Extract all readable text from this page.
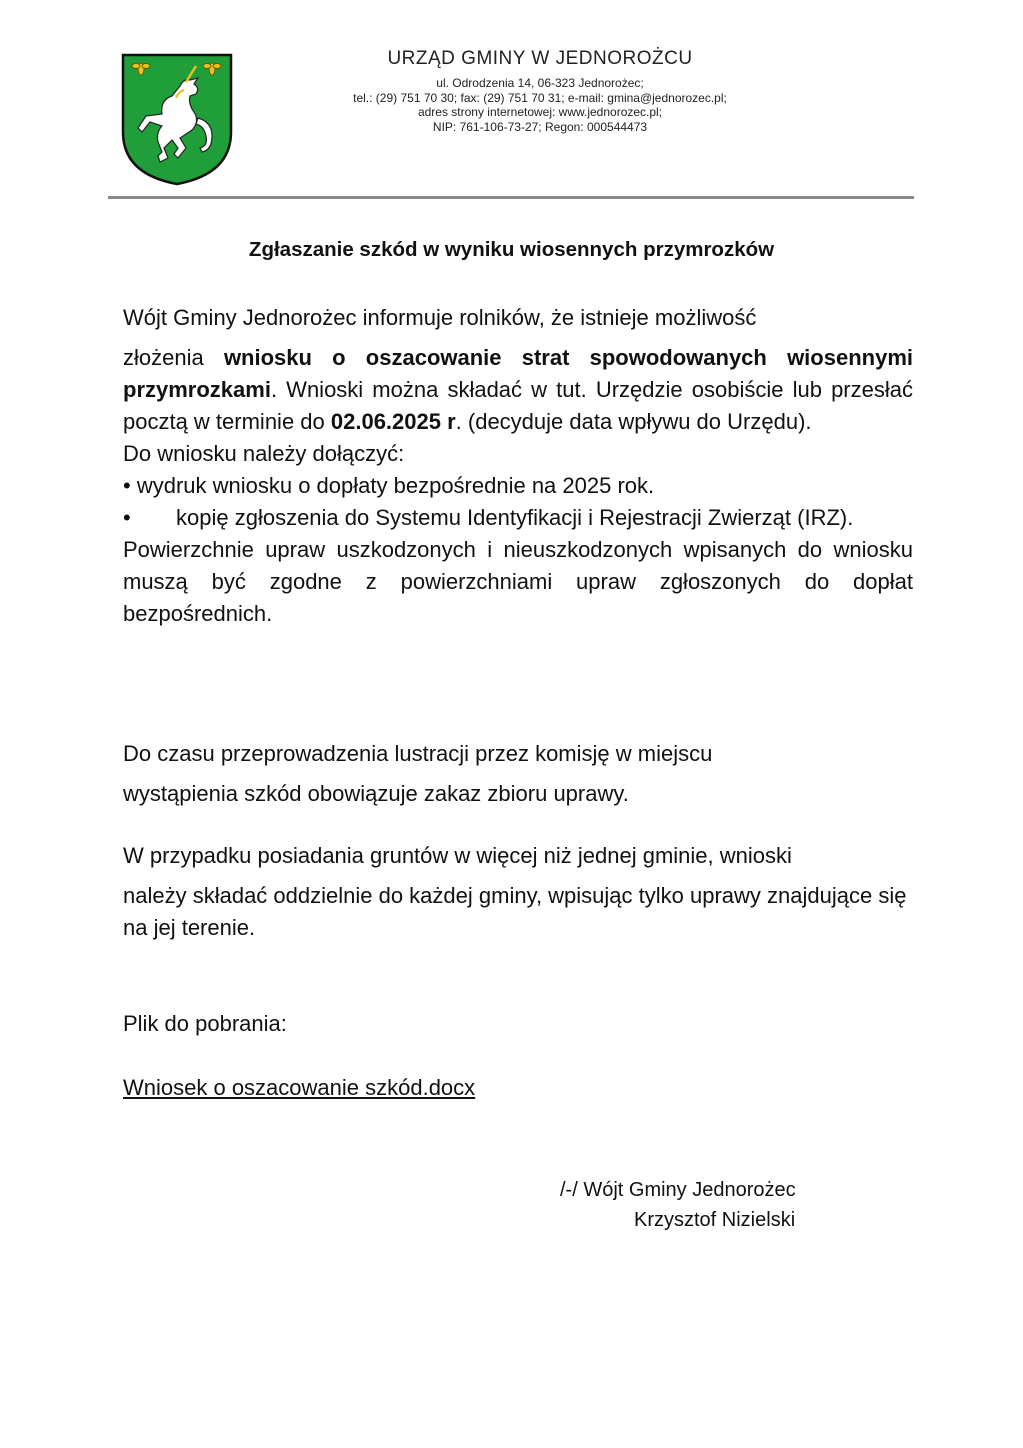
URZĄD GMINY W JEDNOROŻCU

ul. Odrodzenia 14, 06-323 Jednorożec;

tel.: (29) 751 70 30; fax: (29) 751 70 31; e-mail: gmina@jednorozec.pl;

adres strony internetowej: www.jednorozec.pl;

NIP: 761-106-73-27; Regon: 000544473

Zgłaszanie szkód w wyniku wiosennych przymrozków
Wójt Gminy Jednorożec informuje rolników, że istnieje możliwość
złożenia wniosku o oszacowanie strat spowodowanych wiosennymi przymrozkami. Wnioski można składać w tut. Urzędzie osobiście lub przesłać pocztą w terminie do 02.06.2025 r. (decyduje data wpływu do Urzędu).
Do wniosku należy dołączyć:
• wydruk wniosku o dopłaty bezpośrednie na 2025 rok.
• kopię zgłoszenia do Systemu Identyfikacji i Rejestracji Zwierząt (IRZ).
Powierzchnie upraw uszkodzonych i nieuszkodzonych wpisanych do wniosku muszą być zgodne z powierzchniami upraw zgłoszonych do dopłat bezpośrednich.
Do czasu przeprowadzenia lustracji przez komisję w miejscu
wystąpienia szkód obowiązuje zakaz zbioru uprawy.
W przypadku posiadania gruntów w więcej niż jednej gminie, wnioski
należy składać oddzielnie do każdej gminy, wpisując tylko uprawy znajdujące się na jej terenie.

Plik do pobrania:

Wniosek o oszacowanie szkód.docx
/-/ Wójt Gminy Jednorożec
Krzysztof Nizielski
